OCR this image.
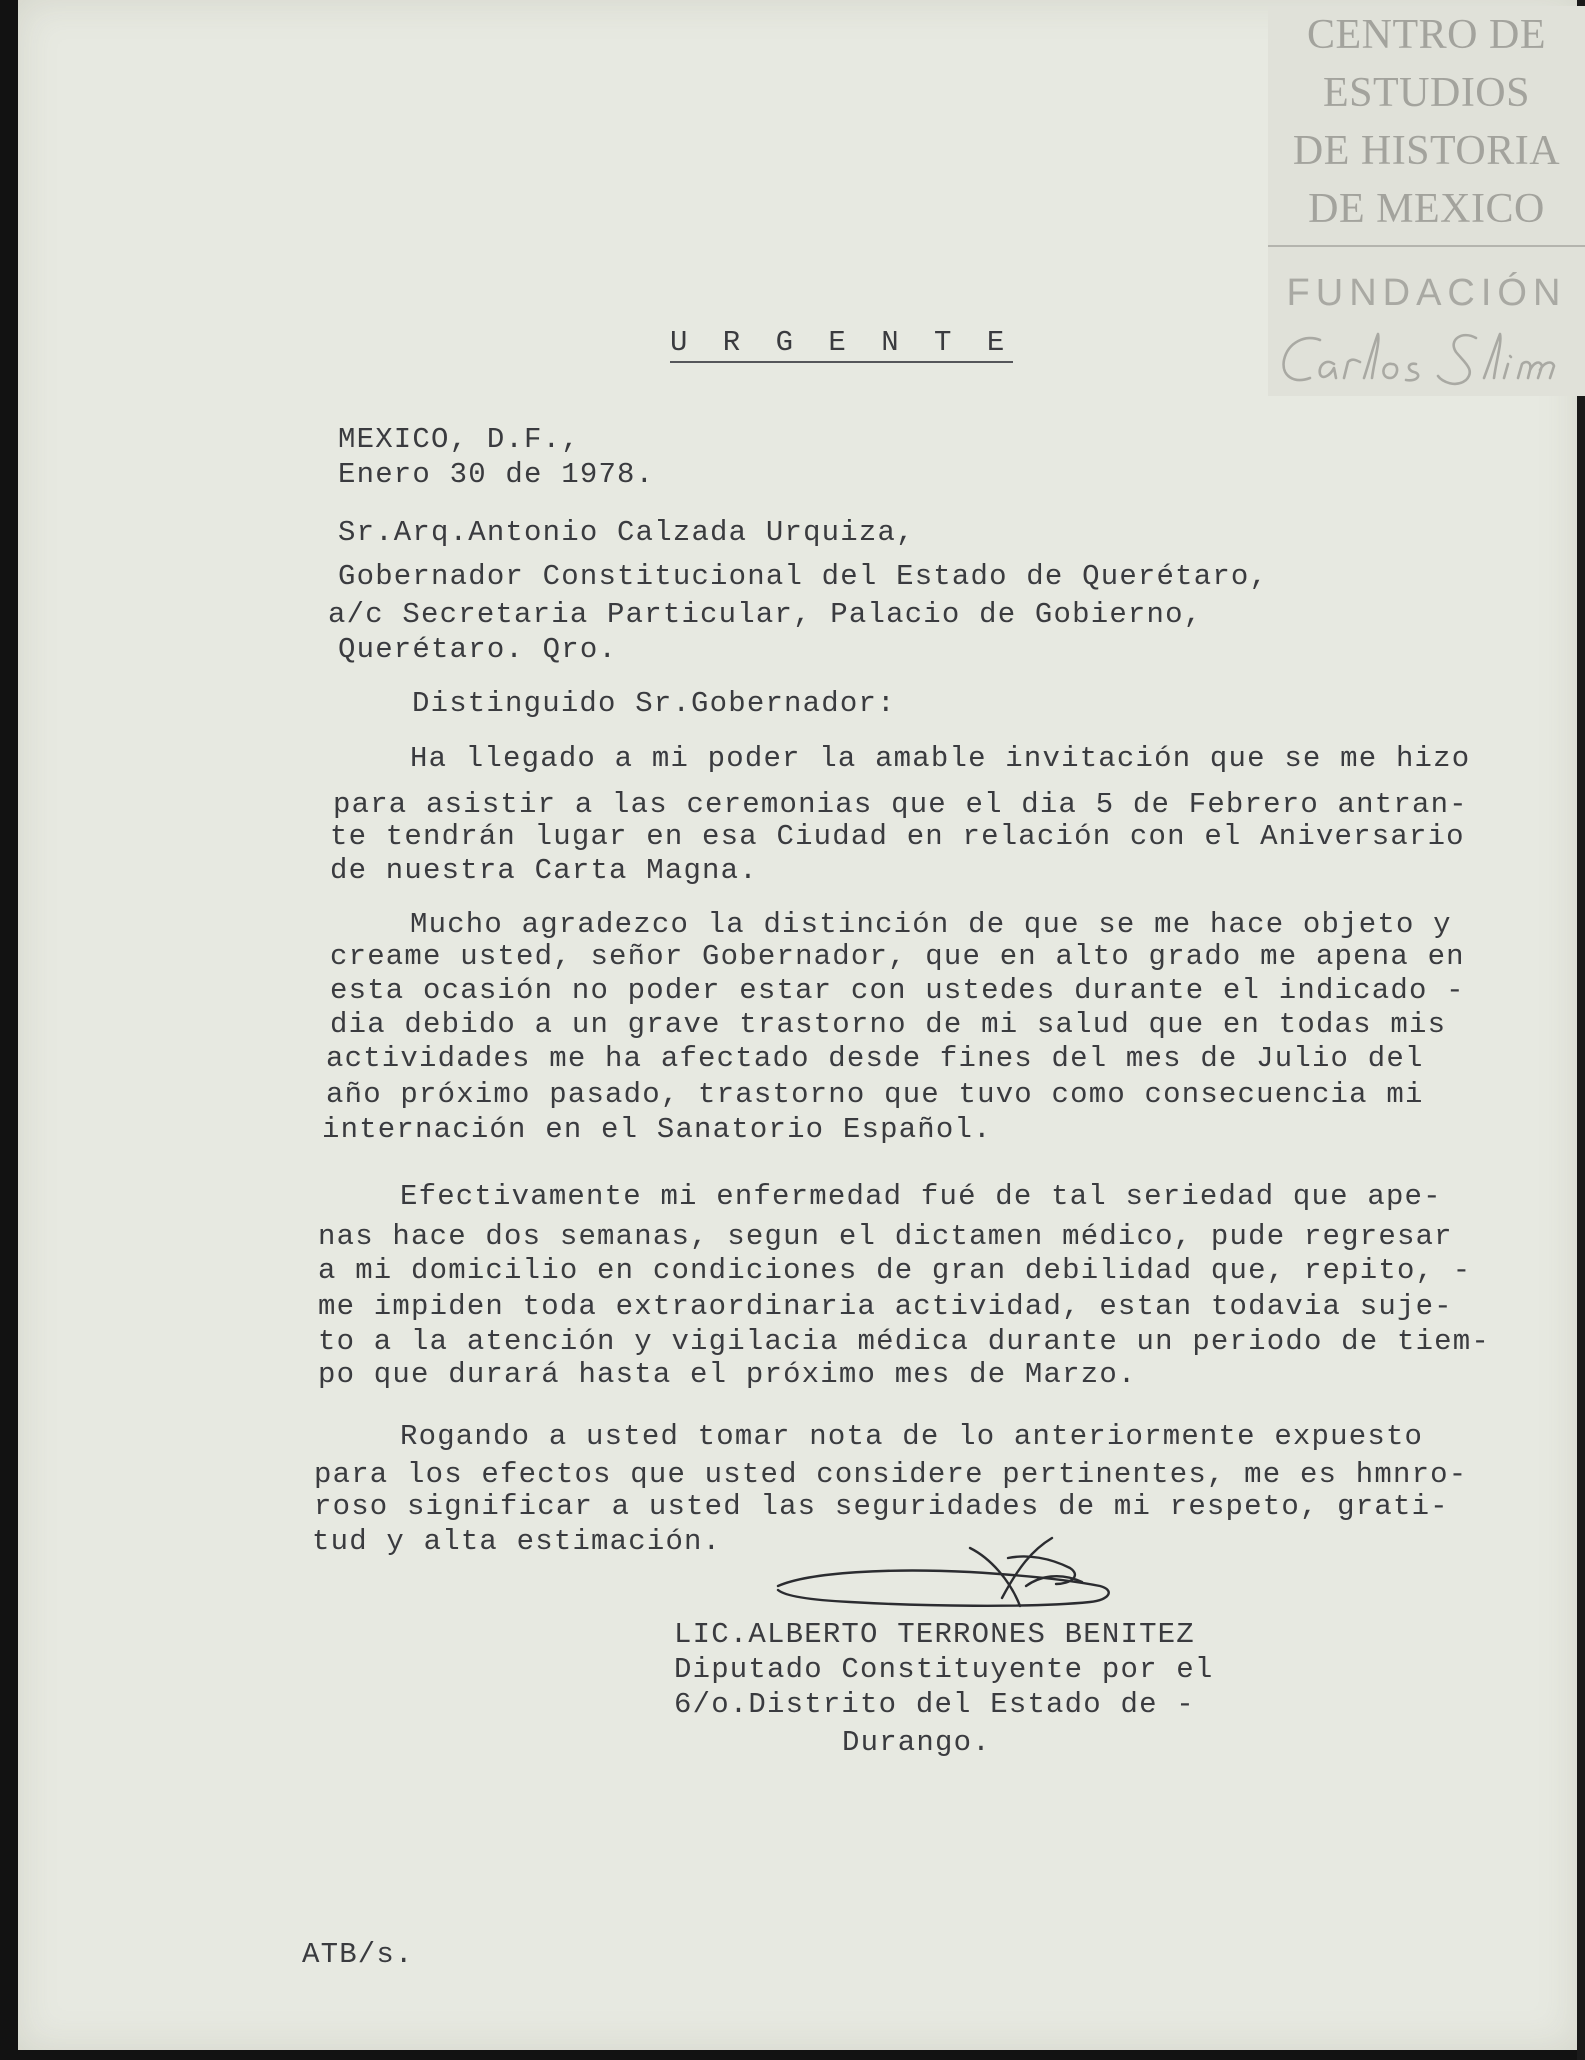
CENTRO DE
ESTUDIOS
DE HISTORIA
DE MEXICO
FUNDACIÓN
U R G E N T E
MEXICO, D.F.,
Enero 30 de 1978.
Sr.Arq.Antonio Calzada Urquiza,
Gobernador Constitucional del Estado de Querétaro,
a/c Secretaria Particular, Palacio de Gobierno,
Querétaro. Qro.
Distinguido Sr.Gobernador:
Ha llegado a mi poder la amable invitación que se me hizo
para asistir a las ceremonias que el dia 5 de Febrero antran-
te tendrán lugar en esa Ciudad en relación con el Aniversario
de nuestra Carta Magna.
Mucho agradezco la distinción de que se me hace objeto y
creame usted, señor Gobernador, que en alto grado me apena en
esta ocasión no poder estar con ustedes durante el indicado -
dia debido a un grave trastorno de mi salud que en todas mis
actividades me ha afectado desde fines del mes de Julio del
año próximo pasado, trastorno que tuvo como consecuencia mi
internación en el Sanatorio Español.
Efectivamente mi enfermedad fué de tal seriedad que ape-
nas hace dos semanas, segun el dictamen médico, pude regresar
a mi domicilio en condiciones de gran debilidad que, repito, -
me impiden toda extraordinaria actividad, estan todavia suje-
to a la atención y vigilacia médica durante un periodo de tiem-
po que durará hasta el próximo mes de Marzo.
Rogando a usted tomar nota de lo anteriormente expuesto
para los efectos que usted considere pertinentes, me es hmnro-
roso significar a usted las seguridades de mi respeto, grati-
tud y alta estimación.
LIC.ALBERTO TERRONES BENITEZ
Diputado Constituyente por el
6/o.Distrito del Estado de -
Durango.
ATB/s.
